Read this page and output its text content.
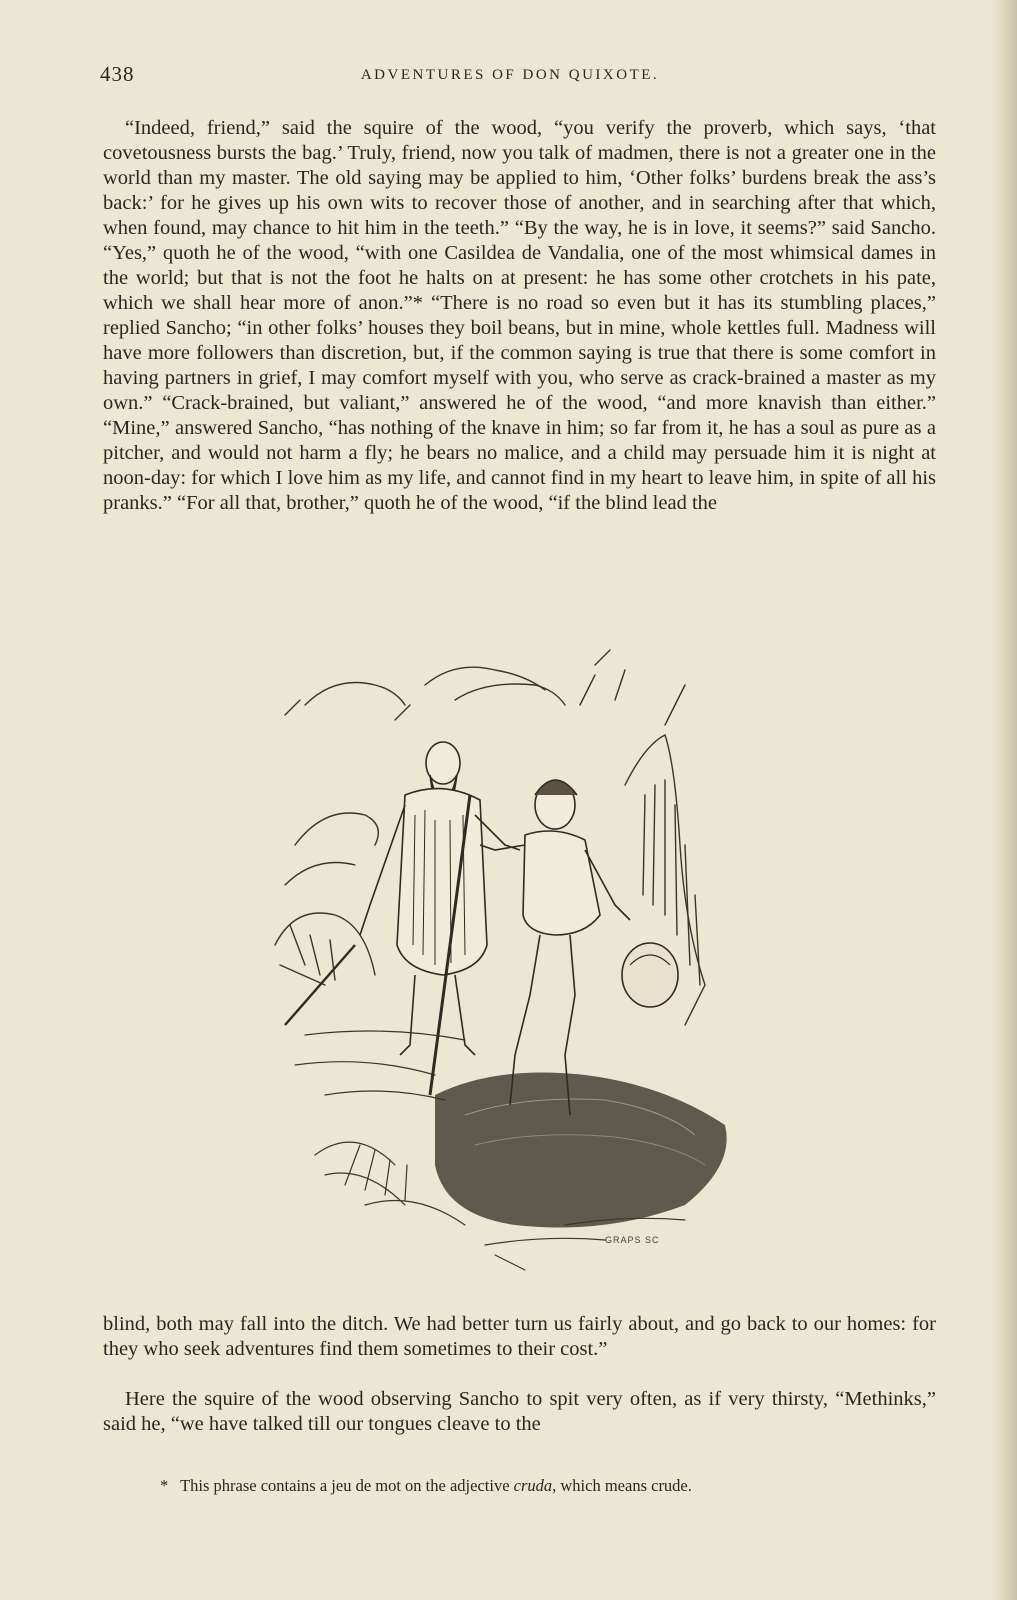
438	ADVENTURES OF DON QUIXOTE.

“Indeed, friend,” said the squire of the wood, “you verify the proverb, which says, ‘that covetousness bursts the bag.’ Truly, friend, now you talk of madmen, there is not a greater one in the world than my master. The old saying may be applied to him, ‘Other folks’ burdens break the ass’s back:’ for he gives up his own wits to recover those of another, and in searching after that which, when found, may chance to hit him in the teeth.” “By the way, he is in love, it seems?” said Sancho. “Yes,” quoth he of the wood, “with one Casildea de Vandalia, one of the most whimsical dames in the world; but that is not the foot he halts on at present: he has some other crotchets in his pate, which we shall hear more of anon.”* “There is no road so even but it has its stumbling places,” replied Sancho; “in other folks’ houses they boil beans, but in mine, whole kettles full. Madness will have more followers than discretion, but, if the common saying is true that there is some comfort in having partners in grief, I may comfort myself with you, who serve as crack-brained a master as my own.” “Crack-brained, but valiant,” answered he of the wood, “and more knavish than either.” “Mine,” answered Sancho, “has nothing of the knave in him; so far from it, he has a soul as pure as a pitcher, and would not harm a fly; he bears no malice, and a child may persuade him it is night at noon-day: for which I love him as my life, and cannot find in my heart to leave him, in spite of all his pranks.” “For all that, brother,” quoth he of the wood, “if the blind lead the

GRAPS SC

blind, both may fall into the ditch. We had better turn us fairly about, and go back to our homes: for they who seek adventures find them sometimes to their cost.”

Here the squire of the wood observing Sancho to spit very often, as if very thirsty, “Methinks,” said he, “we have talked till our tongues cleave to the

* This phrase contains a jeu de mot on the adjective cruda, which means crude.
